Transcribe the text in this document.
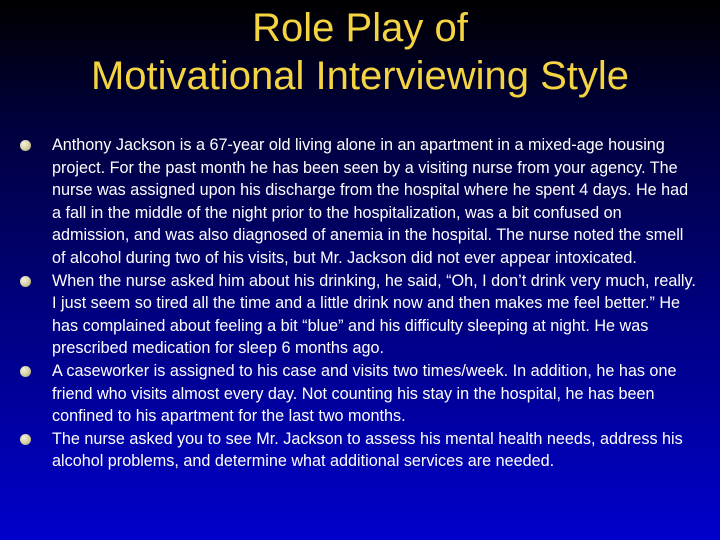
Role Play of
Motivational Interviewing Style
Anthony Jackson is a 67-year old living alone in an apartment in a mixed-age housing project. For the past month he has been seen by a visiting nurse from your agency. The nurse was assigned upon his discharge from the hospital where he spent 4 days. He had a fall in the middle of the night prior to the hospitalization, was a bit confused on admission, and was also diagnosed of anemia in the hospital. The nurse noted the smell of alcohol during two of his visits, but Mr. Jackson did not ever appear intoxicated.
When the nurse asked him about his drinking, he said, “Oh, I don’t drink very much, really. I just seem so tired all the time and a little drink now and then makes me feel better.” He has complained about feeling a bit “blue” and his difficulty sleeping at night. He was prescribed medication for sleep 6 months ago.
A caseworker is assigned to his case and visits two times/week. In addition, he has one friend who visits almost every day. Not counting his stay in the hospital, he has been confined to his apartment for the last two months.
The nurse asked you to see Mr. Jackson to assess his mental health needs, address his alcohol problems, and determine what additional services are needed.
